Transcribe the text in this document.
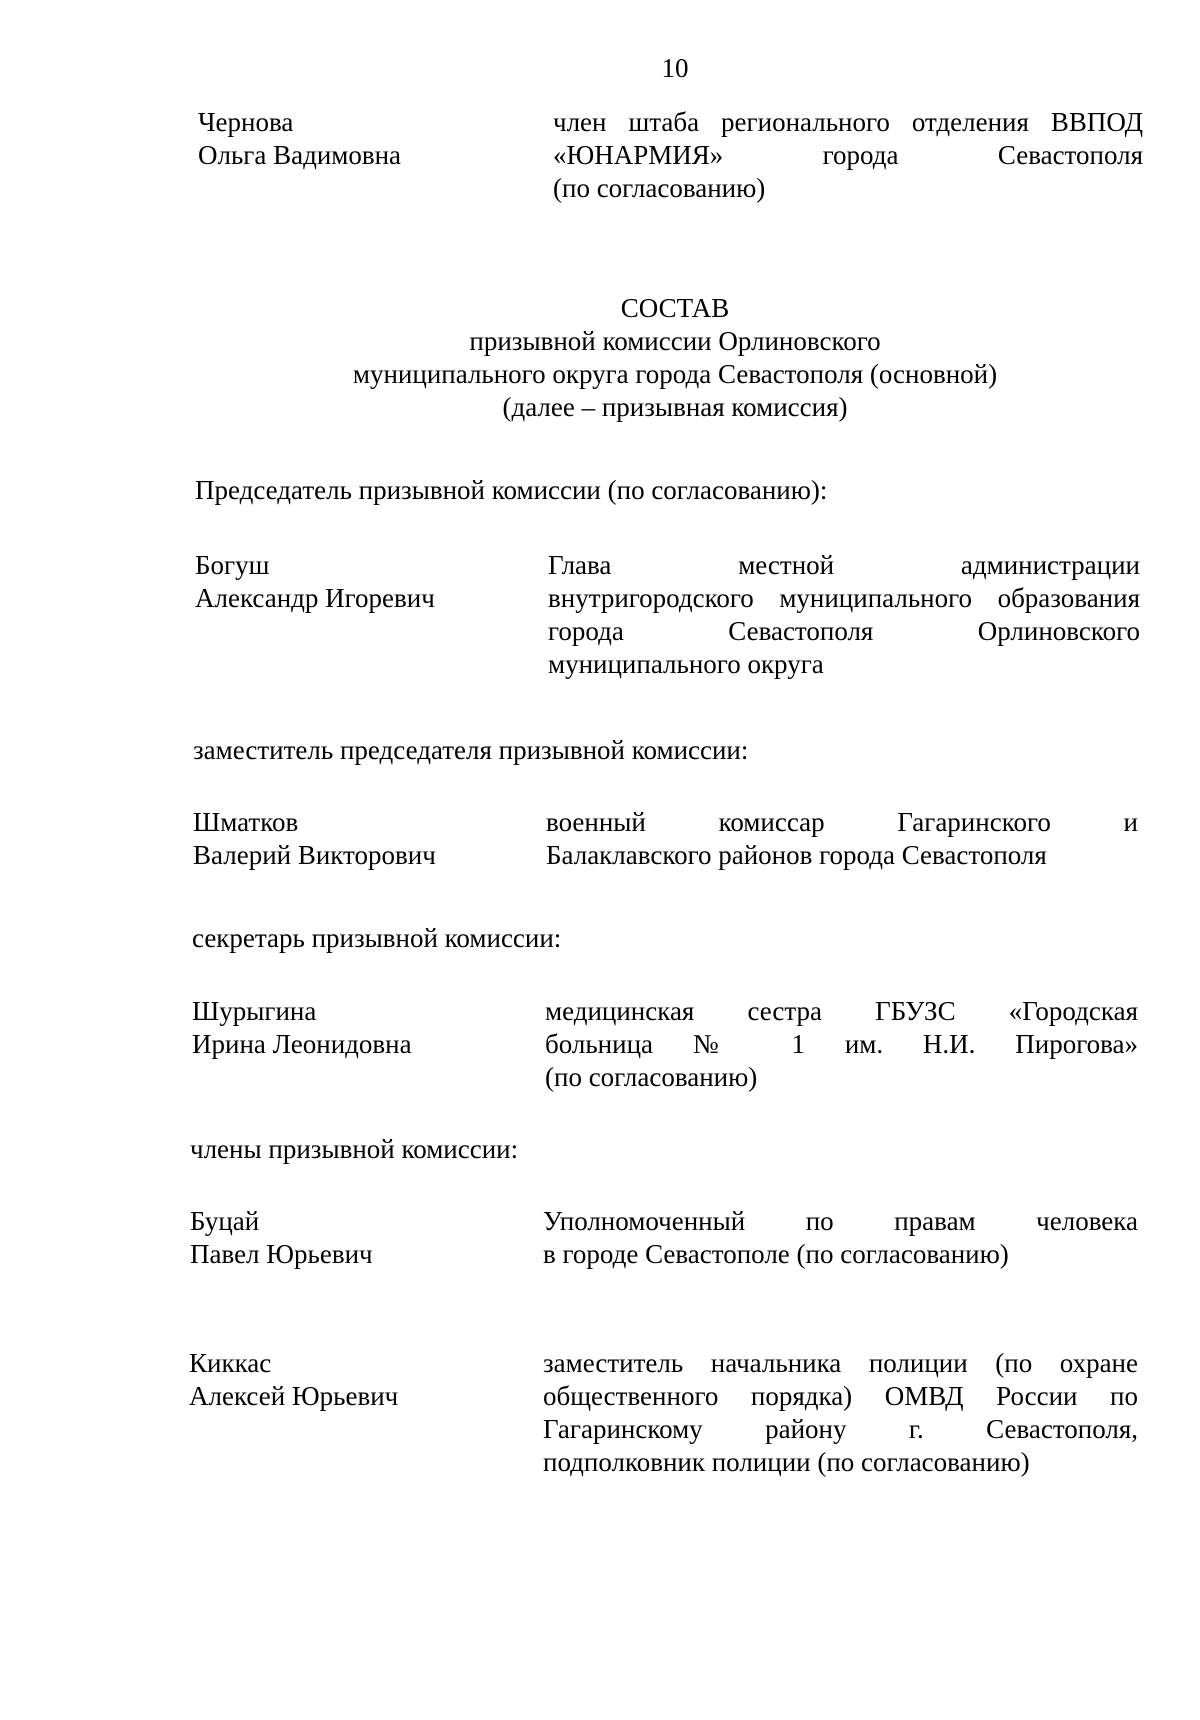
10
Чернова
Ольга Вадимовна
член штаба регионального отделения ВВПОД
«ЮНАРМИЯ» города Севастополя
(по согласованию)
СОСТАВ
призывной комиссии Орлиновского
муниципального округа города Севастополя (основной)
(далее – призывная комиссия)
Председатель призывной комиссии (по согласованию):
Богуш
Александр Игоревич
Глава местной администрации
внутригородского муниципального образования
города Севастополя Орлиновского
муниципального округа
заместитель председателя призывной комиссии:
Шматков
Валерий Викторович
военный комиссар Гагаринского и
Балаклавского районов города Севастополя
секретарь призывной комиссии:
Шурыгина
Ирина Леонидовна
медицинская сестра ГБУЗС «Городская
больница № 1 им. Н.И. Пирогова»
(по согласованию)
члены призывной комиссии:
Буцай
Павел Юрьевич
Уполномоченный по правам человека
в городе Севастополе (по согласованию)
Киккас
Алексей Юрьевич
заместитель начальника полиции (по охране
общественного порядка) ОМВД России по
Гагаринскому району г. Севастополя,
подполковник полиции (по согласованию)
